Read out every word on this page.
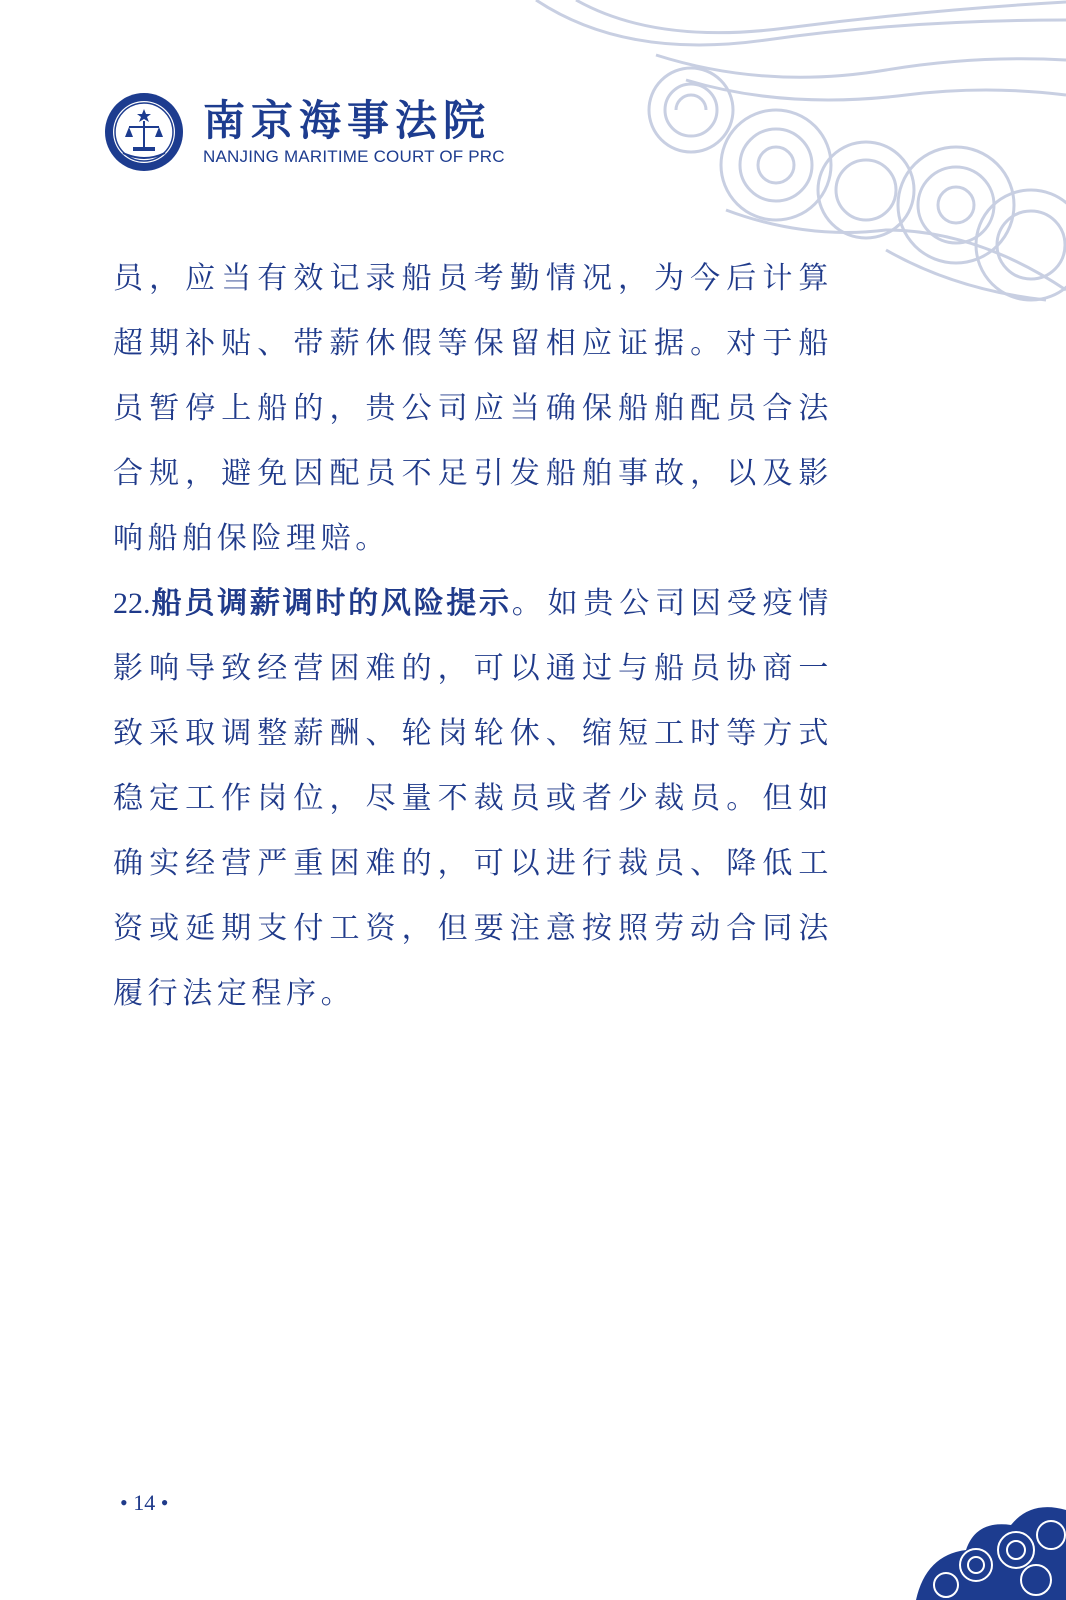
南京海事法院
NANJING MARITIME COURT OF PRC

员，应当有效记录船员考勤情况，为今后计算超期补贴、带薪休假等保留相应证据。对于船员暂停上船的，贵公司应当确保船舶配员合法合规，避免因配员不足引发船舶事故，以及影响船舶保险理赔。

22.船员调薪调时的风险提示。如贵公司因受疫情影响导致经营困难的，可以通过与船员协商一致采取调整薪酬、轮岗轮休、缩短工时等方式稳定工作岗位，尽量不裁员或者少裁员。但如确实经营严重困难的，可以进行裁员、降低工资或延期支付工资，但要注意按照劳动合同法履行法定程序。

• 14 •
